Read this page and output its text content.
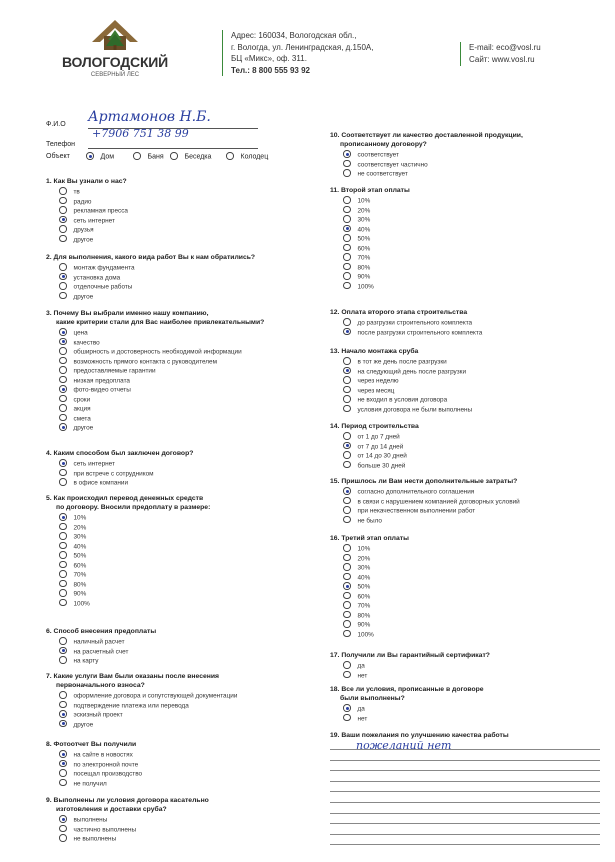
ВОЛОГОДСКИЙ
СЕВЕРНЫЙ ЛЕС
Адрес: 160034, Вологодская обл.,
г. Вологда, ул. Ленинградская, д.150А,
БЦ «Микс», оф. 311.
Тел.: 8 800 555 93 92
E-mail: eco@vosl.ru
Сайт: www.vosl.ru
Ф.И.О Артамонов Н.Б.
Телефон
+7906 751 38 99
Объект	Дом	Баня	Беседка	Колодец
1. Как Вы узнали о нас?
тв
радио
рекламная пресса
сеть интернет
друзья
другое
2. Для выполнения, какого вида работ Вы к нам обратились?
монтаж фундамента
установка дома
отделочные работы
другое
3. Почему Вы выбрали именно нашу компанию,
какие критерии стали для Вас наиболее привлекательными?
цена
качество
обширность и достоверность необходимой информации
возможность прямого контакта с руководителем
предоставляемые гарантии
низкая предоплата
фото-видео отчеты
сроки
акция
смета
другое
4. Каким способом был заключен договор?
сеть интернет
при встрече с сотрудником
в офисе компании
5. Как происходил перевод денежных средств
по договору. Вносили предоплату в размере:
10%
20%
30%
40%
50%
60%
70%
80%
90%
100%
6. Способ внесения предоплаты
наличный расчет
на расчетный счет
на карту
7. Какие услуги Вам были оказаны после внесения
первоначального взноса?
оформление договора и сопутствующей документации
подтверждение платежа или перевода
эскизный проект
другое
8. Фотоотчет Вы получили
на сайте в новостях
по электронной почте
посещал производство
не получил
9. Выполнены ли условия договора касательно
изготовления и доставки сруба?
выполнены
частично выполнены
не выполнены
10. Соответствует ли качество доставленной продукции,
прописанному договору?
соответствует
соответствует частично
не соответствует
11. Второй этап оплаты
10%
20%
30%
40%
50%
60%
70%
80%
90%
100%
12. Оплата второго этапа строительства
до разгрузки строительного комплекта
после разгрузки строительного комплекта
13. Начало монтажа сруба
в тот же день после разгрузки
на следующий день после разгрузки
через неделю
через месяц
не входил в условия договора
условия договора не были выполнены
14. Период строительства
от 1 до 7 дней
от 7 до 14 дней
от 14 до 30 дней
больше 30 дней
15. Пришлось ли Вам нести дополнительные затраты?
согласно дополнительного соглашения
в связи с нарушением компанией договорных условий
при некачественном выполнении работ
не было
16. Третий этап оплаты
10%
20%
30%
40%
50%
60%
70%
80%
90%
100%
17. Получили ли Вы гарантийный сертификат?
да
нет
18. Все ли условия, прописанные в договоре
были выполнены?
да
нет
19. Ваши пожелания по улучшению качества работы
пожеланий нет
